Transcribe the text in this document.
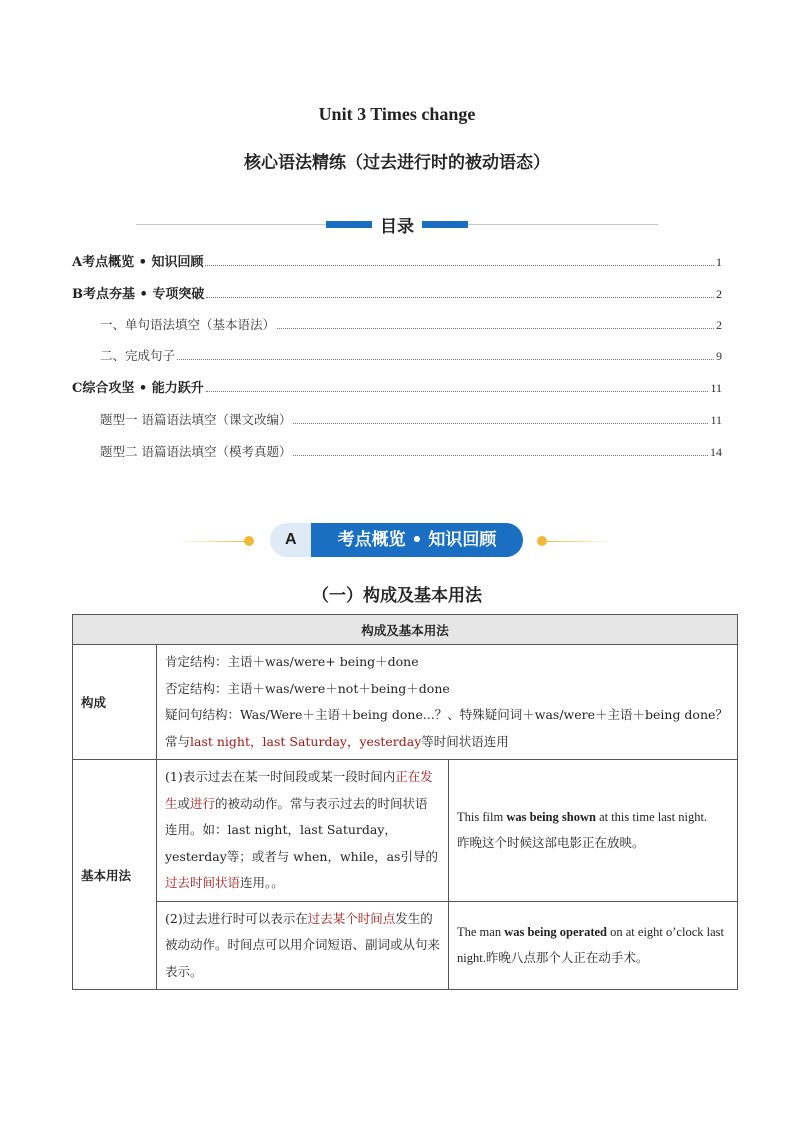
Unit 3 Times change
核心语法精练（过去进行时的被动语态）
目录
A考点概览 • 知识回顾	1
B考点夯基 • 专项突破	2
一、单句语法填空（基本语法）	2
二、完成句子	9
C综合攻坚 • 能力跃升	11
题型一 语篇语法填空（课文改编）	11
题型二 语篇语法填空（模考真题）	14
A	考点概览 • 知识回顾
（一）构成及基本用法
构成及基本用法		
构成	肯定结构：主语＋was/were+ being＋done
否定结构：主语＋was/were＋not＋being＋done
疑问句结构：Was/Were＋主语＋being done...？、特殊疑问词＋was/were＋主语＋being done？
常与last night，last Saturday，yesterday等时间状语连用	

基本用法	(1)表示过去在某一时间段或某一段时间内正在发生或进行的被动动作。常与表示过去的时间状语连用。如：last night，last Saturday，yesterday等；或者与 when，while，as引导的过去时间状语连用。。	This film was being shown at this time last night.
昨晚这个时候这部电影正在放映。
	(2)过去进行时可以表示在过去某个时间点发生的被动动作。时间点可以用介词短语、副词或从句来表示。	The man was being operated on at eight o’clock last night.昨晚八点那个人正在动手术。
